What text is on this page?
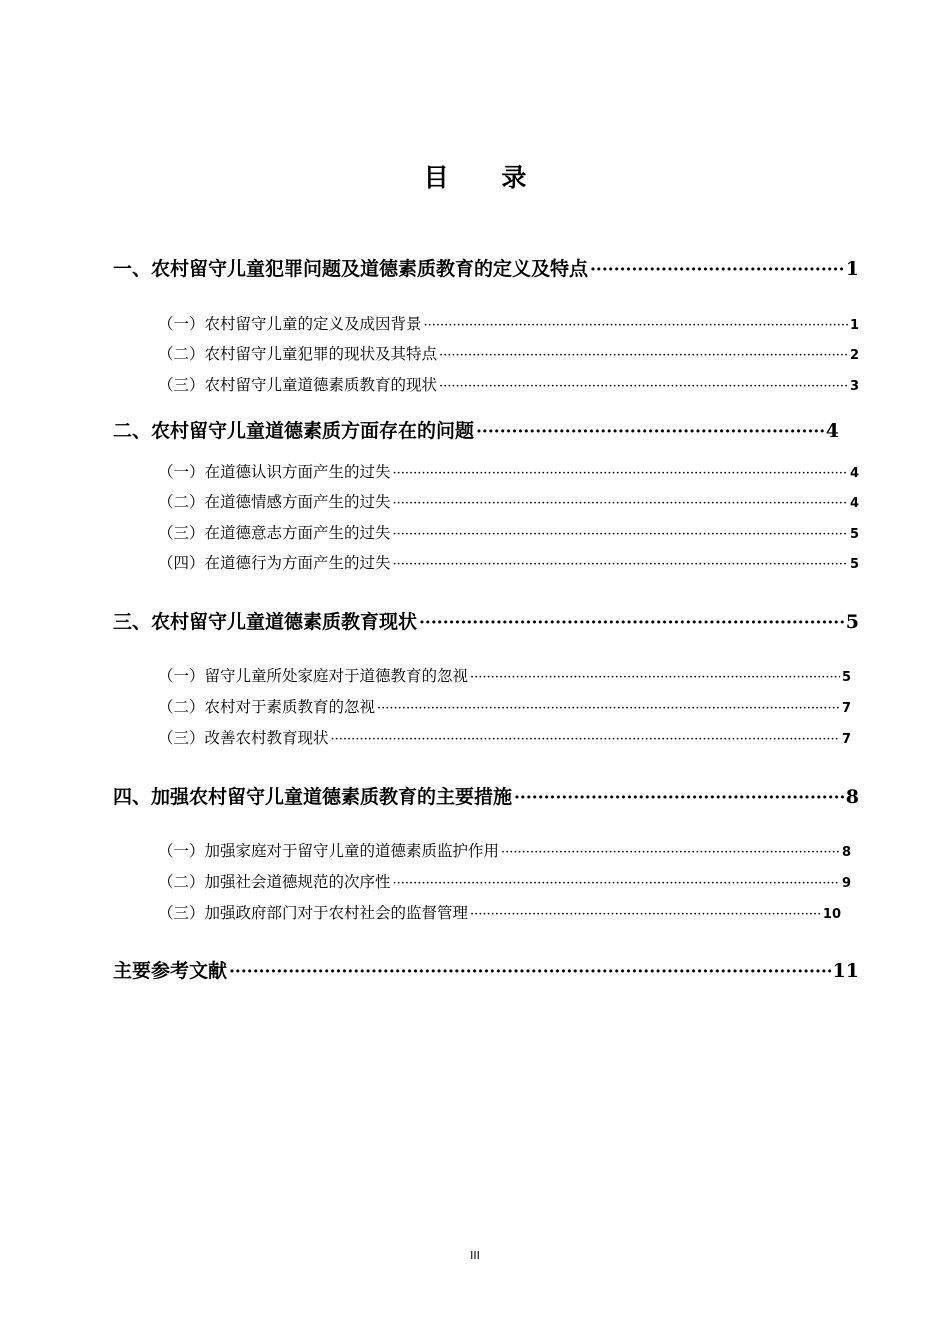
目 录
一、农村留守儿童犯罪问题及道德素质教育的定义及特点 ·····	1
（一）农村留守儿童的定义及成因背景 ·····	1
（二）农村留守儿童犯罪的现状及其特点 ·····	2
（三）农村留守儿童道德素质教育的现状 ·····	3
二、农村留守儿童道德素质方面存在的问题 ·····	4
（一）在道德认识方面产生的过失 ·····	4
（二）在道德情感方面产生的过失 ·····	4
（三）在道德意志方面产生的过失 ·····	5
（四）在道德行为方面产生的过失 ·····	5
三、农村留守儿童道德素质教育现状 ·····	5
（一）留守儿童所处家庭对于道德教育的忽视 ·····	5
（二）农村对于素质教育的忽视 ·····	7
（三）改善农村教育现状 ·····	7
四、加强农村留守儿童道德素质教育的主要措施 ·····	8
（一）加强家庭对于留守儿童的道德素质监护作用 ·····	8
（二）加强社会道德规范的次序性 ·····	9
（三）加强政府部门对于农村社会的监督管理 ·····	10
主要参考文献 ·····	11
III
